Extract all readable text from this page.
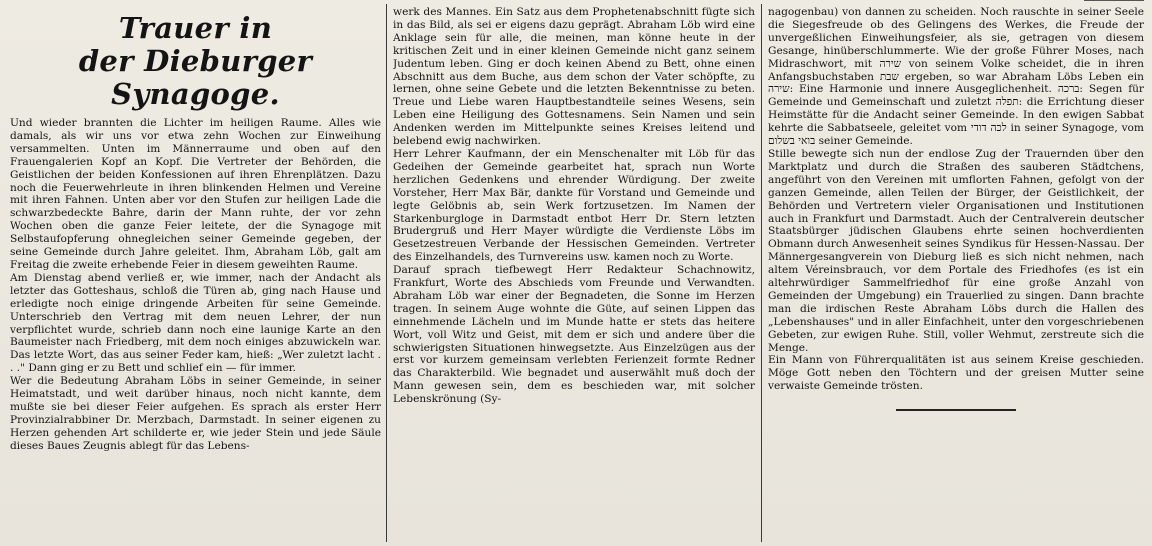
Trauer in
der Dieburger Synagoge.

Und wieder brannten die Lichter im heiligen Raume. Alles wie damals, als wir uns vor etwa zehn Wochen zur Einweihung versammelten. Unten im Männerraume und oben auf den Frauengalerien Kopf an Kopf. Die Vertreter der Behörden, die Geistlichen der beiden Konfessionen auf ihren Ehrenplätzen. Dazu noch die Feuerwehrleute in ihren blinkenden Helmen und Vereine mit ihren Fahnen. Unten aber vor den Stufen zur heiligen Lade die schwarzbedeckte Bahre, darin der Mann ruhte, der vor zehn Wochen oben die ganze Feier leitete, der die Synagoge mit Selbstaufopferung ohnegleichen seiner Gemeinde gegeben, der seine Gemeinde durch Jahre geleitet. Ihm, Abraham Löb, galt am Freitag die zweite erhebende Feier in diesem geweihten Raume.

Am Dienstag abend verließ er, wie immer, nach der Andacht als letzter das Gotteshaus, schloß die Türen ab, ging nach Hause und erledigte noch einige dringende Arbeiten für seine Gemeinde. Unterschrieb den Vertrag mit dem neuen Lehrer, der nun verpflichtet wurde, schrieb dann noch eine launige Karte an den Baumeister nach Friedberg, mit dem noch einiges abzuwickeln war. Das letzte Wort, das aus seiner Feder kam, hieß: „Wer zuletzt lacht . . ." Dann ging er zu Bett und schlief ein — für immer.

Wer die Bedeutung Abraham Löbs in seiner Gemeinde, in seiner Heimatstadt, und weit darüber hinaus, noch nicht kannte, dem mußte sie bei dieser Feier aufgehen. Es sprach als erster Herr Provinzialrabbiner Dr. Merzbach, Darmstadt. In seiner eigenen zu Herzen gehenden Art schilderte er, wie jeder Stein und jede Säule dieses Baues Zeugnis ablegt für das Lebens-

werk des Mannes. Ein Satz aus dem Prophetenabschnitt fügte sich in das Bild, als sei er eigens dazu geprägt. Abraham Löb wird eine Anklage sein für alle, die meinen, man könne heute in der kritischen Zeit und in einer kleinen Gemeinde nicht ganz seinem Judentum leben. Ging er doch keinen Abend zu Bett, ohne einen Abschnitt aus dem Buche, aus dem schon der Vater schöpfte, zu lernen, ohne seine Gebete und die letzten Bekenntnisse zu beten. Treue und Liebe waren Hauptbestandteile seines Wesens, sein Leben eine Heiligung des Gottesnamens. Sein Namen und sein Andenken werden im Mittelpunkte seines Kreises leitend und belebend ewig nachwirken.

Herr Lehrer Kaufmann, der ein Menschenalter mit Löb für das Gedeihen der Gemeinde gearbeitet hat, sprach nun Worte herzlichen Gedenkens und ehrender Würdigung. Der zweite Vorsteher, Herr Max Bär, dankte für Vorstand und Gemeinde und legte Gelöbnis ab, sein Werk fortzusetzen. Im Namen der Starkenburgloge in Darmstadt entbot Herr Dr. Stern letzten Brudergruß und Herr Mayer würdigte die Verdienste Löbs im Gesetzestreuen Verbande der Hessischen Gemeinden. Vertreter des Einzelhandels, des Turnvereins usw. kamen noch zu Worte.

Darauf sprach tiefbewegt Herr Redakteur Schachnowitz, Frankfurt, Worte des Abschieds vom Freunde und Verwandten. Abraham Löb war einer der Begnadeten, die Sonne im Herzen tragen. In seinem Auge wohnte die Güte, auf seinen Lippen das einnehmende Lächeln und im Munde hatte er stets das heitere Wort, voll Witz und Geist, mit dem er sich und andere über die schwierigsten Situationen hinwegsetzte. Aus Einzelzügen aus der erst vor kurzem gemeinsam verlebten Ferienzeit formte Redner das Charakterbild. Wie begnadet und auserwählt muß doch der Mann gewesen sein, dem es beschieden war, mit solcher Lebenskrönung (Sy-

nagogenbau) von dannen zu scheiden. Noch rauschte in seiner Seele die Siegesfreude ob des Gelingens des Werkes, die Freude der unvergeßlichen Einweihungsfeier, als sie, getragen von diesem Gesange, hinüberschlummerte. Wie der große Führer Moses, nach Midraschwort, mit שירה von seinem Volke scheidet, die in ihren Anfangsbuchstaben שבת ergeben, so war Abraham Löbs Leben ein שירה: Eine Harmonie und innere Ausgeglichenheit. ברכה: Segen für Gemeinde und Gemeinschaft und zuletzt תפלה: die Errichtung dieser Heimstätte für die Andacht seiner Gemeinde. In den ewigen Sabbat kehrte die Sabbatseele, geleitet vom לכה דודי in seiner Synagoge, vom בואי בשלום seiner Gemeinde.

Stille bewegte sich nun der endlose Zug der Trauernden über den Marktplatz und durch die Straßen des sauberen Städtchens, angeführt von den Vereinen mit umflorten Fahnen, gefolgt von der ganzen Gemeinde, allen Teilen der Bürger, der Geistlichkeit, der Behörden und Vertretern vieler Organisationen und Institutionen auch in Frankfurt und Darmstadt. Auch der Centralverein deutscher Staatsbürger jüdischen Glaubens ehrte seinen hochverdienten Obmann durch Anwesenheit seines Syndikus für Hessen-Nassau. Der Männergesangverein von Dieburg ließ es sich nicht nehmen, nach altem Véreinsbrauch, vor dem Portale des Friedhofes (es ist ein altehrwürdiger Sammelfriedhof für eine große Anzahl von Gemeinden der Umgebung) ein Trauerlied zu singen. Dann brachte man die irdischen Reste Abraham Löbs durch die Hallen des „Lebenshauses" und in aller Einfachheit, unter den vorgeschriebenen Gebeten, zur ewigen Ruhe. Still, voller Wehmut, zerstreute sich die Menge.

Ein Mann von Führerqualitäten ist aus seinem Kreise geschieden. Möge Gott neben den Töchtern und der greisen Mutter seine verwaiste Gemeinde trösten.
